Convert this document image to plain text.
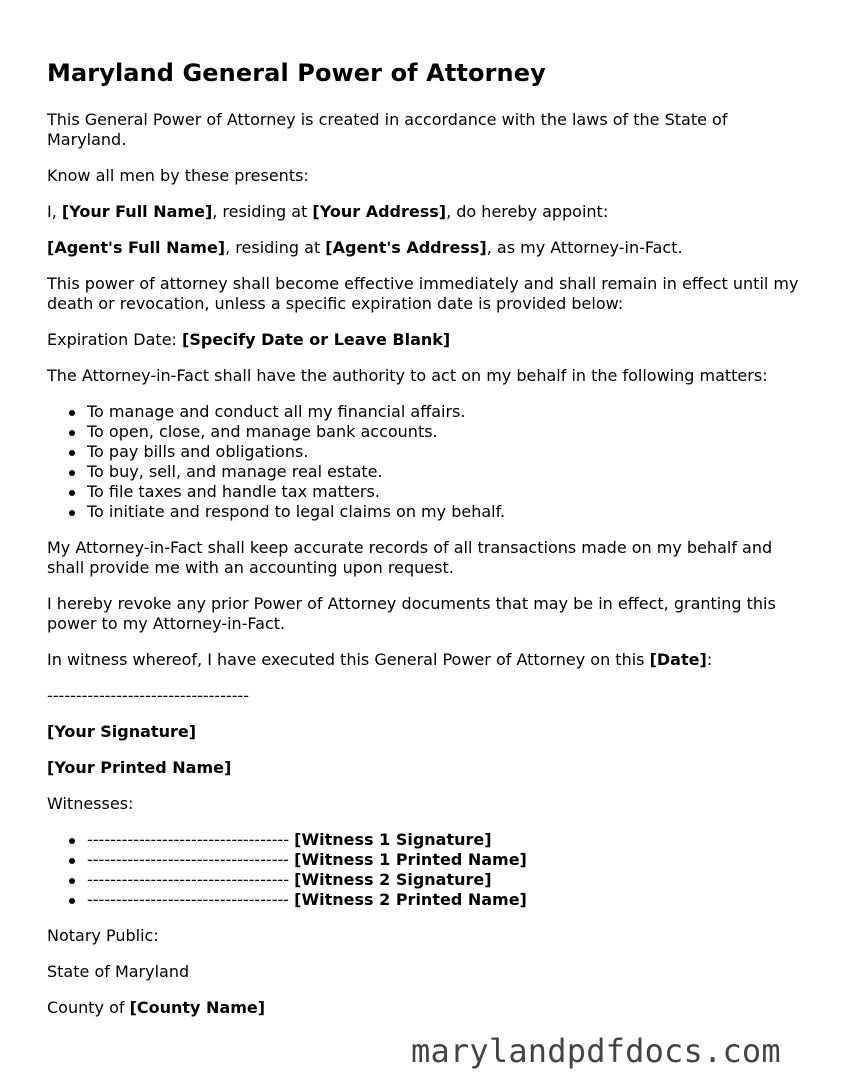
Maryland General Power of Attorney

This General Power of Attorney is created in accordance with the laws of the State of Maryland.

Know all men by these presents:

I, [Your Full Name], residing at [Your Address], do hereby appoint:

[Agent's Full Name], residing at [Agent's Address], as my Attorney-in-Fact.

This power of attorney shall become effective immediately and shall remain in effect until my death or revocation, unless a specific expiration date is provided below:

Expiration Date: [Specify Date or Leave Blank]

The Attorney-in-Fact shall have the authority to act on my behalf in the following matters:

To manage and conduct all my financial affairs.
To open, close, and manage bank accounts.
To pay bills and obligations.
To buy, sell, and manage real estate.
To file taxes and handle tax matters.
To initiate and respond to legal claims on my behalf.

My Attorney-in-Fact shall keep accurate records of all transactions made on my behalf and shall provide me with an accounting upon request.

I hereby revoke any prior Power of Attorney documents that may be in effect, granting this power to my Attorney-in-Fact.

In witness whereof, I have executed this General Power of Attorney on this [Date]:

-----------------------------------

[Your Signature]

[Your Printed Name]

Witnesses:

----------------------------------- [Witness 1 Signature]
----------------------------------- [Witness 1 Printed Name]
----------------------------------- [Witness 2 Signature]
----------------------------------- [Witness 2 Printed Name]

Notary Public:

State of Maryland

County of [County Name]

marylandpdfdocs.com
